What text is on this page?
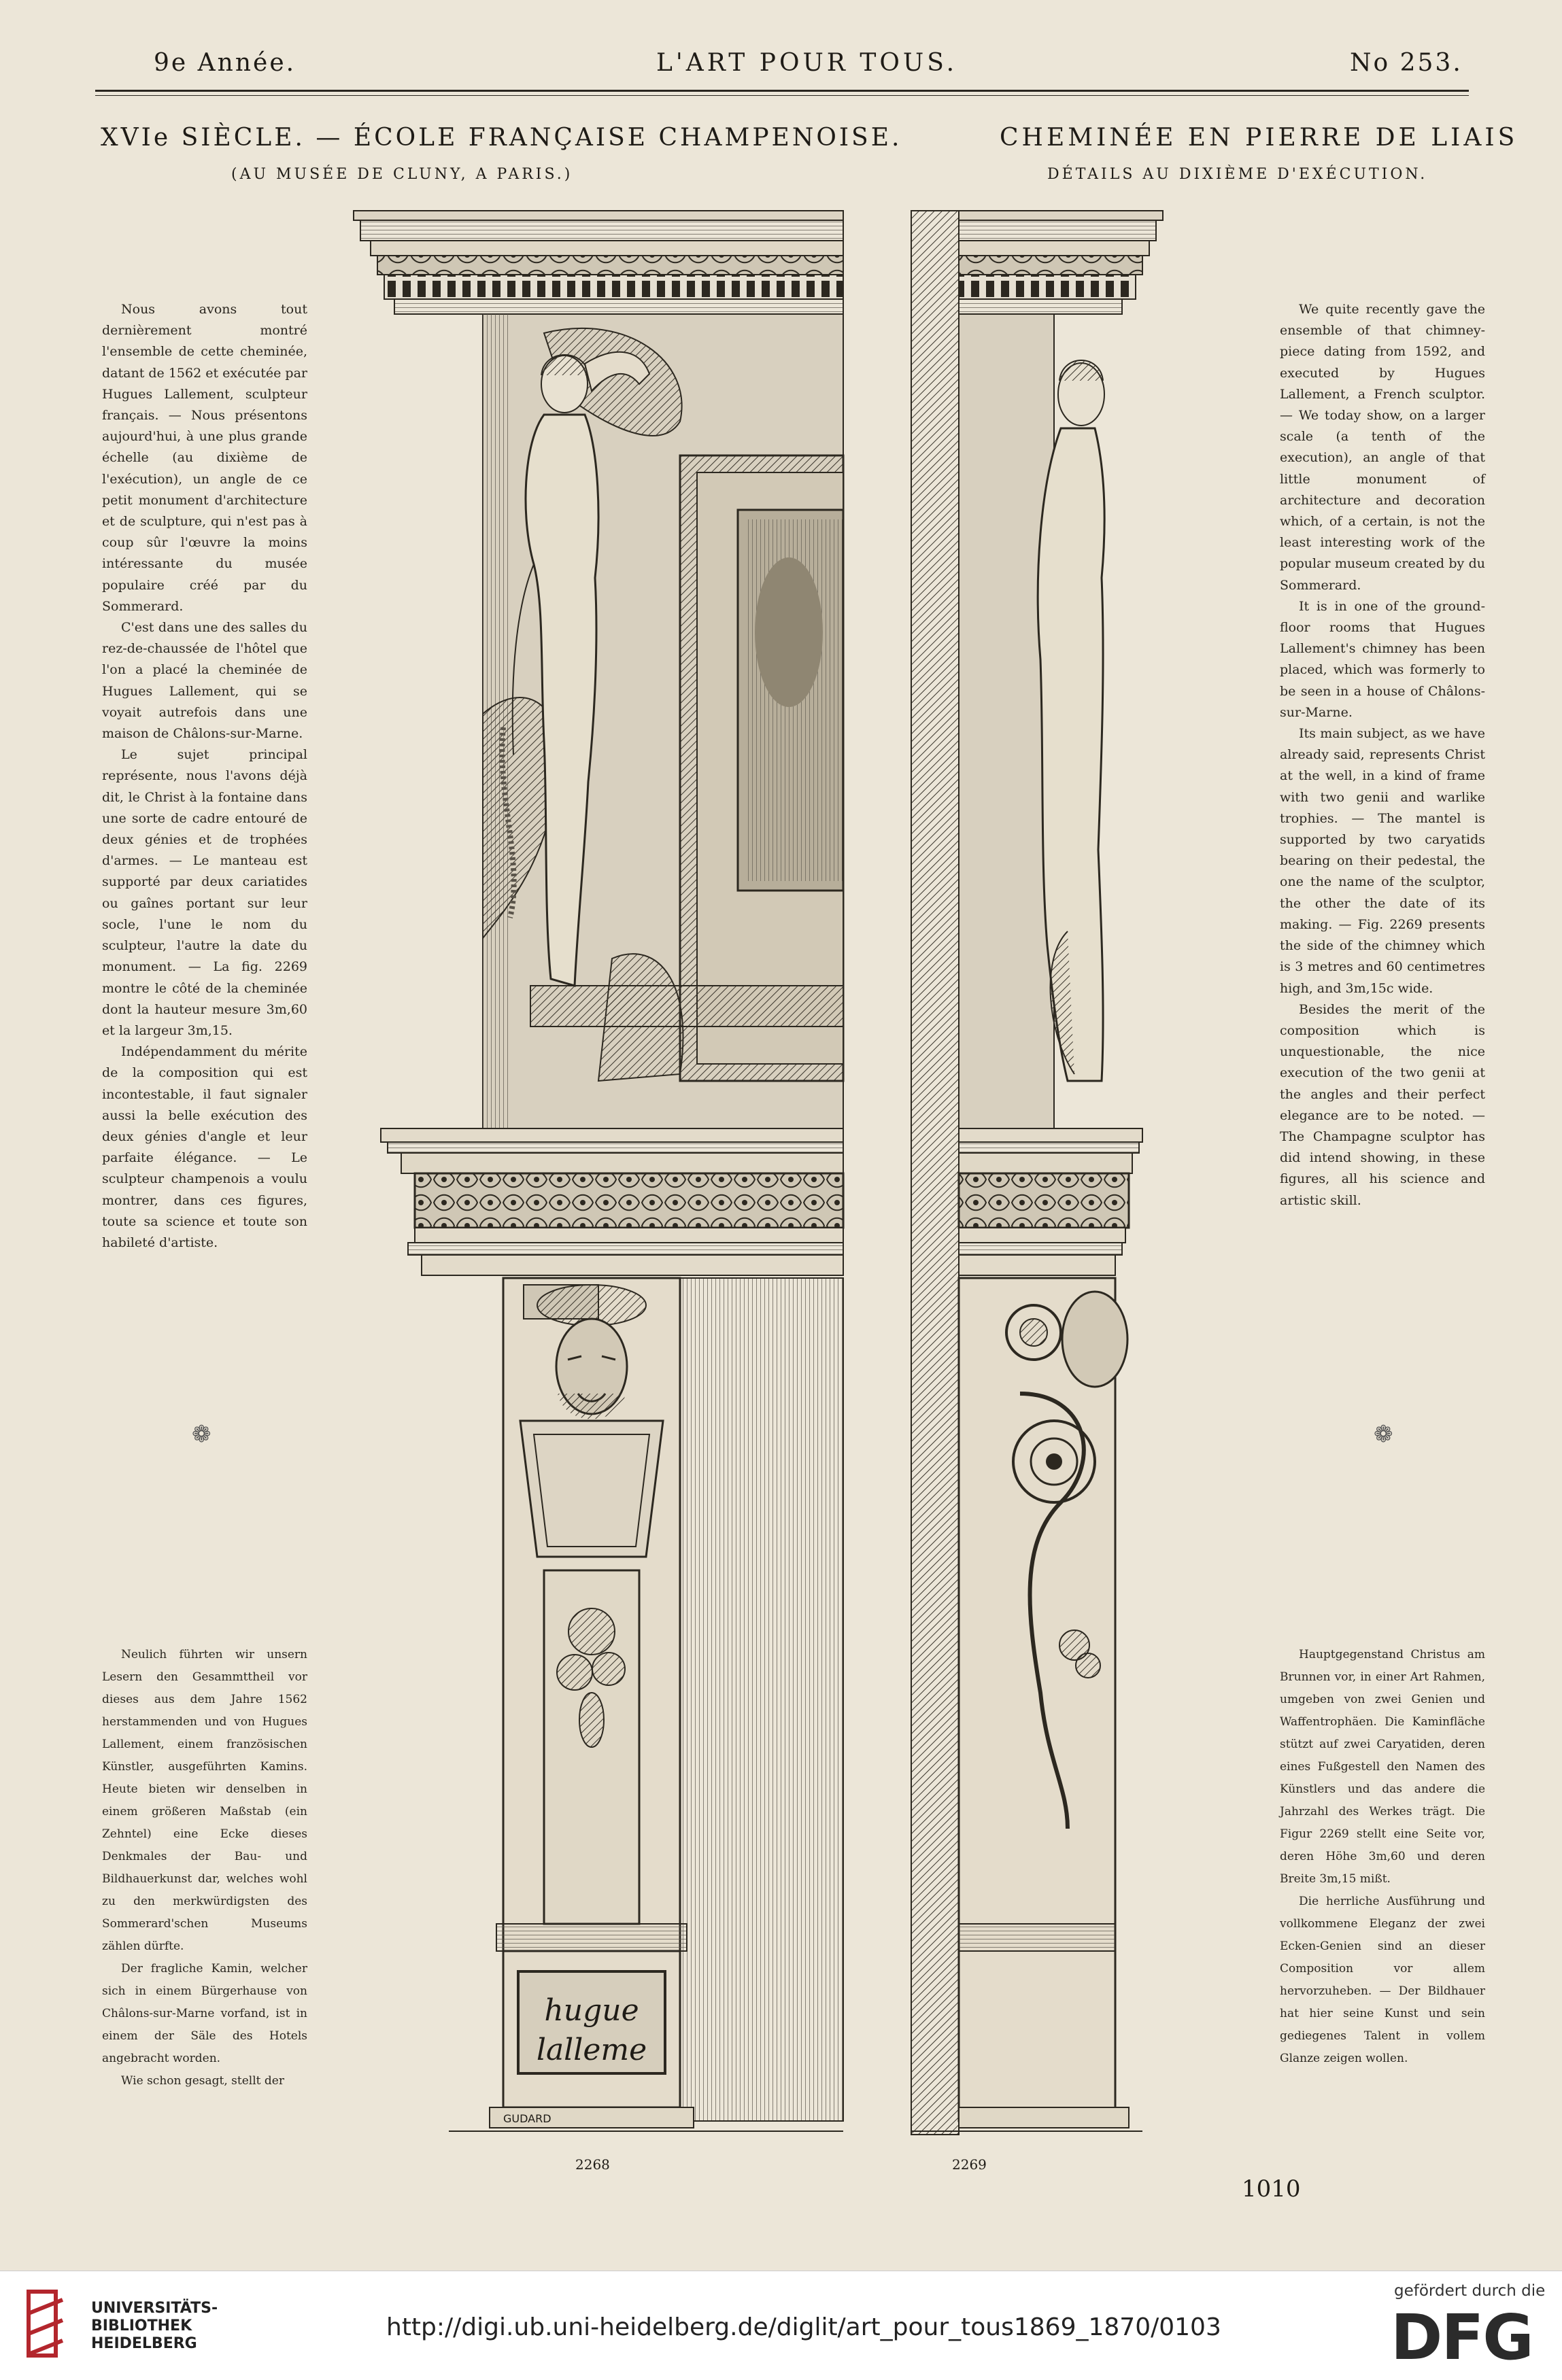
9e Année.	L'ART POUR TOUS.	No 253.
XVIe SIÈCLE. — ÉCOLE FRANÇAISE CHAMPENOISE.
(AU MUSÉE DE CLUNY, A PARIS.)
CHEMINÉE EN PIERRE DE LIAIS
DÉTAILS AU DIXIÈME D'EXÉCUTION.

Nous avons tout dernièrement montré l'ensemble de cette cheminée, datant de 1562 et exécutée par Hugues Lallement, sculpteur français. — Nous présentons aujourd'hui, à une plus grande échelle (au dixième de l'exécution), un angle de ce petit monument d'architecture et de sculpture, qui n'est pas à coup sûr l'œuvre la moins intéressante du musée populaire créé par du Sommerard.

C'est dans une des salles du rez-de-chaussée de l'hôtel que l'on a placé la cheminée de Hugues Lallement, qui se voyait autrefois dans une maison de Châlons-sur-Marne.

Le sujet principal représente, nous l'avons déjà dit, le Christ à la fontaine dans une sorte de cadre entouré de deux génies et de trophées d'armes. — Le manteau est supporté par deux cariatides ou gaînes portant sur leur socle, l'une le nom du sculpteur, l'autre la date du monument. — La fig. 2269 montre le côté de la cheminée dont la hauteur mesure 3m,60 et la largeur 3m,15.

Indépendamment du mérite de la composition qui est incontestable, il faut signaler aussi la belle exécution des deux génies d'angle et leur parfaite élégance. — Le sculpteur champenois a voulu montrer, dans ces figures, toute sa science et toute son habileté d'artiste.

We quite recently gave the ensemble of that chimney-piece dating from 1592, and executed by Hugues Lallement, a French sculptor. — We today show, on a larger scale (a tenth of the execution), an angle of that little monument of architecture and decoration which, of a certain, is not the least interesting work of the popular museum created by du Sommerard.

It is in one of the ground-floor rooms that Hugues Lallement's chimney has been placed, which was formerly to be seen in a house of Châlons-sur-Marne.

Its main subject, as we have already said, represents Christ at the well, in a kind of frame with two genii and warlike trophies. — The mantel is supported by two caryatids bearing on their pedestal, the one the name of the sculptor, the other the date of its making. — Fig. 2269 presents the side of the chimney which is 3 metres and 60 centimetres high, and 3m,15c wide.

Besides the merit of the composition which is unquestionable, the nice execution of the two genii at the angles and their perfect elegance are to be noted. — The Champagne sculptor has did intend showing, in these figures, all his science and artistic skill.

❁	❁

Neulich führten wir unsern Lesern den Gesammttheil vor dieses aus dem Jahre 1562 herstammenden und von Hugues Lallement, einem französischen Künstler, ausgeführten Kamins. Heute bieten wir denselben in einem größeren Maßstab (ein Zehntel) eine Ecke dieses Denkmales der Bau- und Bildhauerkunst dar, welches wohl zu den merkwürdigsten des Sommerard'schen Museums zählen dürfte.

Der fragliche Kamin, welcher sich in einem Bürgerhause von Châlons-sur-Marne vorfand, ist in einem der Säle des Hotels angebracht worden.

Wie schon gesagt, stellt der

Hauptgegenstand Christus am Brunnen vor, in einer Art Rahmen, umgeben von zwei Genien und Waffentrophäen. Die Kaminfläche stützt auf zwei Caryatiden, deren eines Fußgestell den Namen des Künstlers und das andere die Jahrzahl des Werkes trägt. Die Figur 2269 stellt eine Seite vor, deren Höhe 3m,60 und deren Breite 3m,15 mißt.

Die herrliche Ausführung und vollkommene Eleganz der zwei Ecken-Genien sind an dieser Composition vor allem hervorzuheben. — Der Bildhauer hat hier seine Kunst und sein gediegenes Talent in vollem Glanze zeigen wollen.

hugue
lalleme
GUDARD
2268	2269
1010
UNIVERSITÄTS-
BIBLIOTHEK
HEIDELBERG
http://digi.ub.uni-heidelberg.de/diglit/art_pour_tous1869_1870/0103
gefördert durch die
DFG
